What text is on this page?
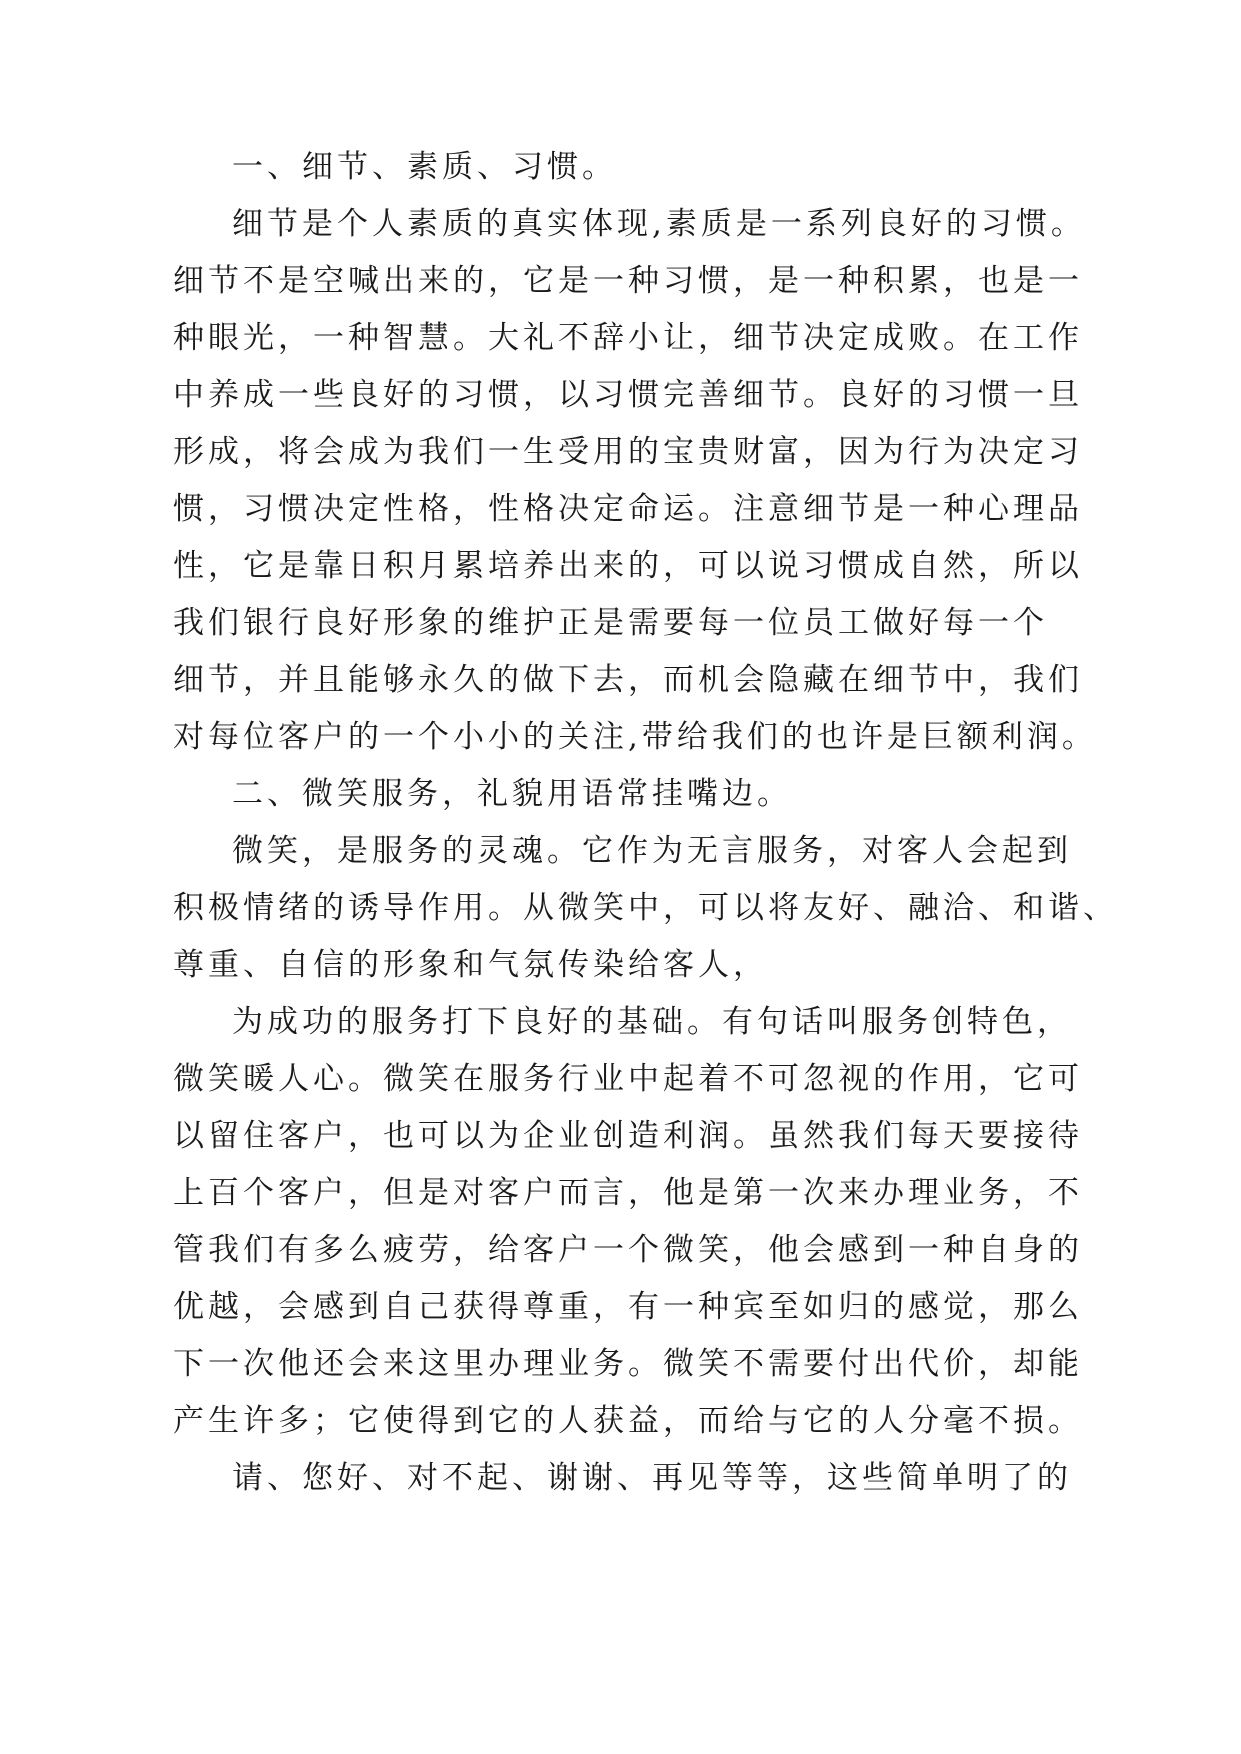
一、细节、素质、习惯。
细节是个人素质的真实体现,素质是一系列良好的习惯。
细节不是空喊出来的，它是一种习惯，是一种积累，也是一
种眼光，一种智慧。大礼不辞小让，细节决定成败。在工作
中养成一些良好的习惯，以习惯完善细节。良好的习惯一旦
形成，将会成为我们一生受用的宝贵财富，因为行为决定习
惯，习惯决定性格，性格决定命运。注意细节是一种心理品
性，它是靠日积月累培养出来的，可以说习惯成自然，所以
我们银行良好形象的维护正是需要每一位员工做好每一个
细节，并且能够永久的做下去，而机会隐藏在细节中，我们
对每位客户的一个小小的关注,带给我们的也许是巨额利润。
二、微笑服务，礼貌用语常挂嘴边。
微笑，是服务的灵魂。它作为无言服务，对客人会起到
积极情绪的诱导作用。从微笑中，可以将友好、融洽、和谐、
尊重、自信的形象和气氛传染给客人，
为成功的服务打下良好的基础。有句话叫服务创特色，
微笑暖人心。微笑在服务行业中起着不可忽视的作用，它可
以留住客户，也可以为企业创造利润。虽然我们每天要接待
上百个客户，但是对客户而言，他是第一次来办理业务，不
管我们有多么疲劳，给客户一个微笑，他会感到一种自身的
优越，会感到自己获得尊重，有一种宾至如归的感觉，那么
下一次他还会来这里办理业务。微笑不需要付出代价，却能
产生许多；它使得到它的人获益，而给与它的人分毫不损。
请、您好、对不起、谢谢、再见等等，这些简单明了的
